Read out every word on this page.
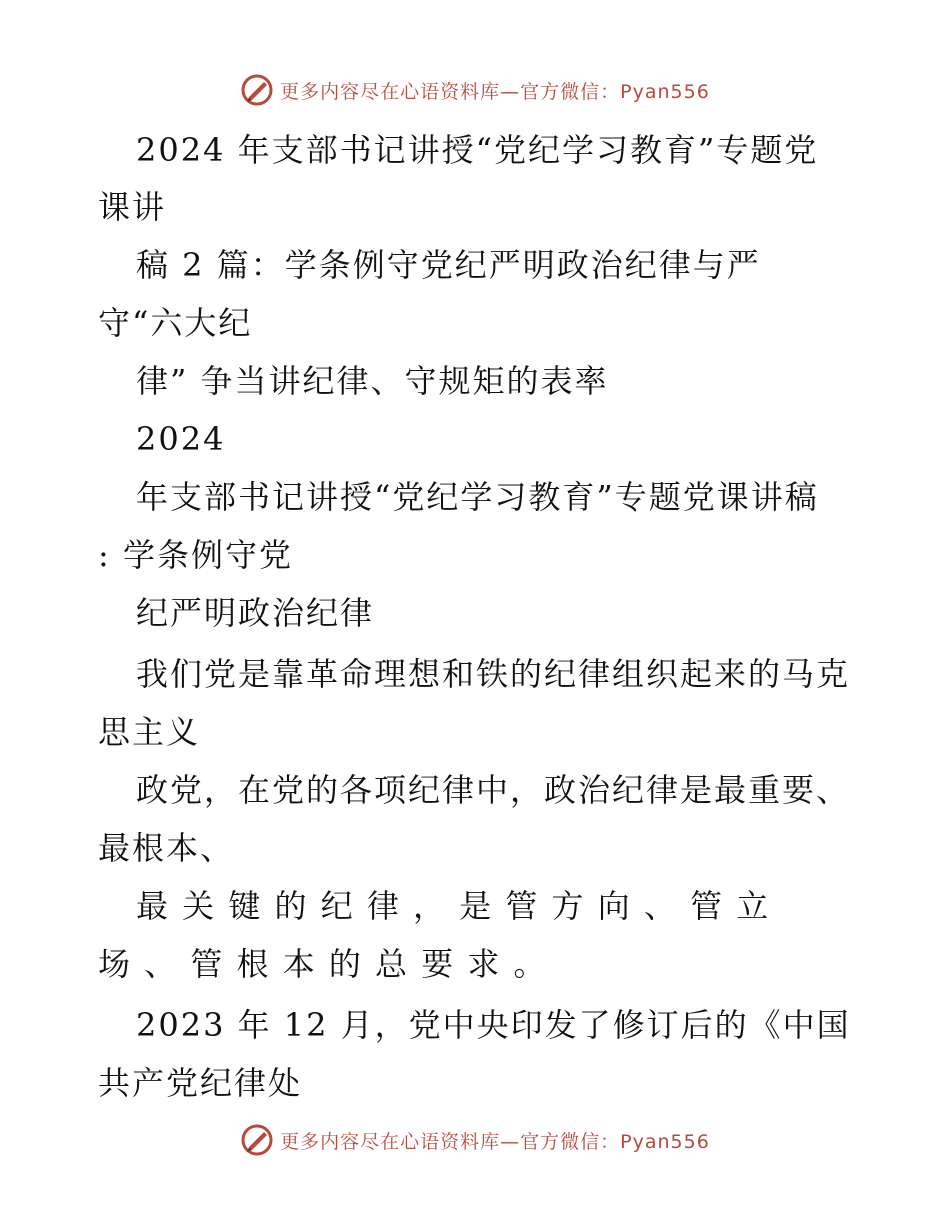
更多内容尽在心语资料库—官方微信：Pyan556
2024 年支部书记讲授“党纪学习教育”专题党
课讲
稿 2 篇：学条例守党纪严明政治纪律与严
守“六大纪
律” 争当讲纪律、守规矩的表率
2024
年支部书记讲授“党纪学习教育”专题党课讲稿
: 学条例守党
纪严明政治纪律
我们党是靠革命理想和铁的纪律组织起来的马克
思主义
政党，在党的各项纪律中，政治纪律是最重要、
最根本、
最 关 键 的 纪 律 ， 是 管 方 向 、 管 立
场 、 管 根 本 的 总 要 求 。
2023 年 12 月，党中央印发了修订后的《中国
共产党纪律处
更多内容尽在心语资料库—官方微信：Pyan556
